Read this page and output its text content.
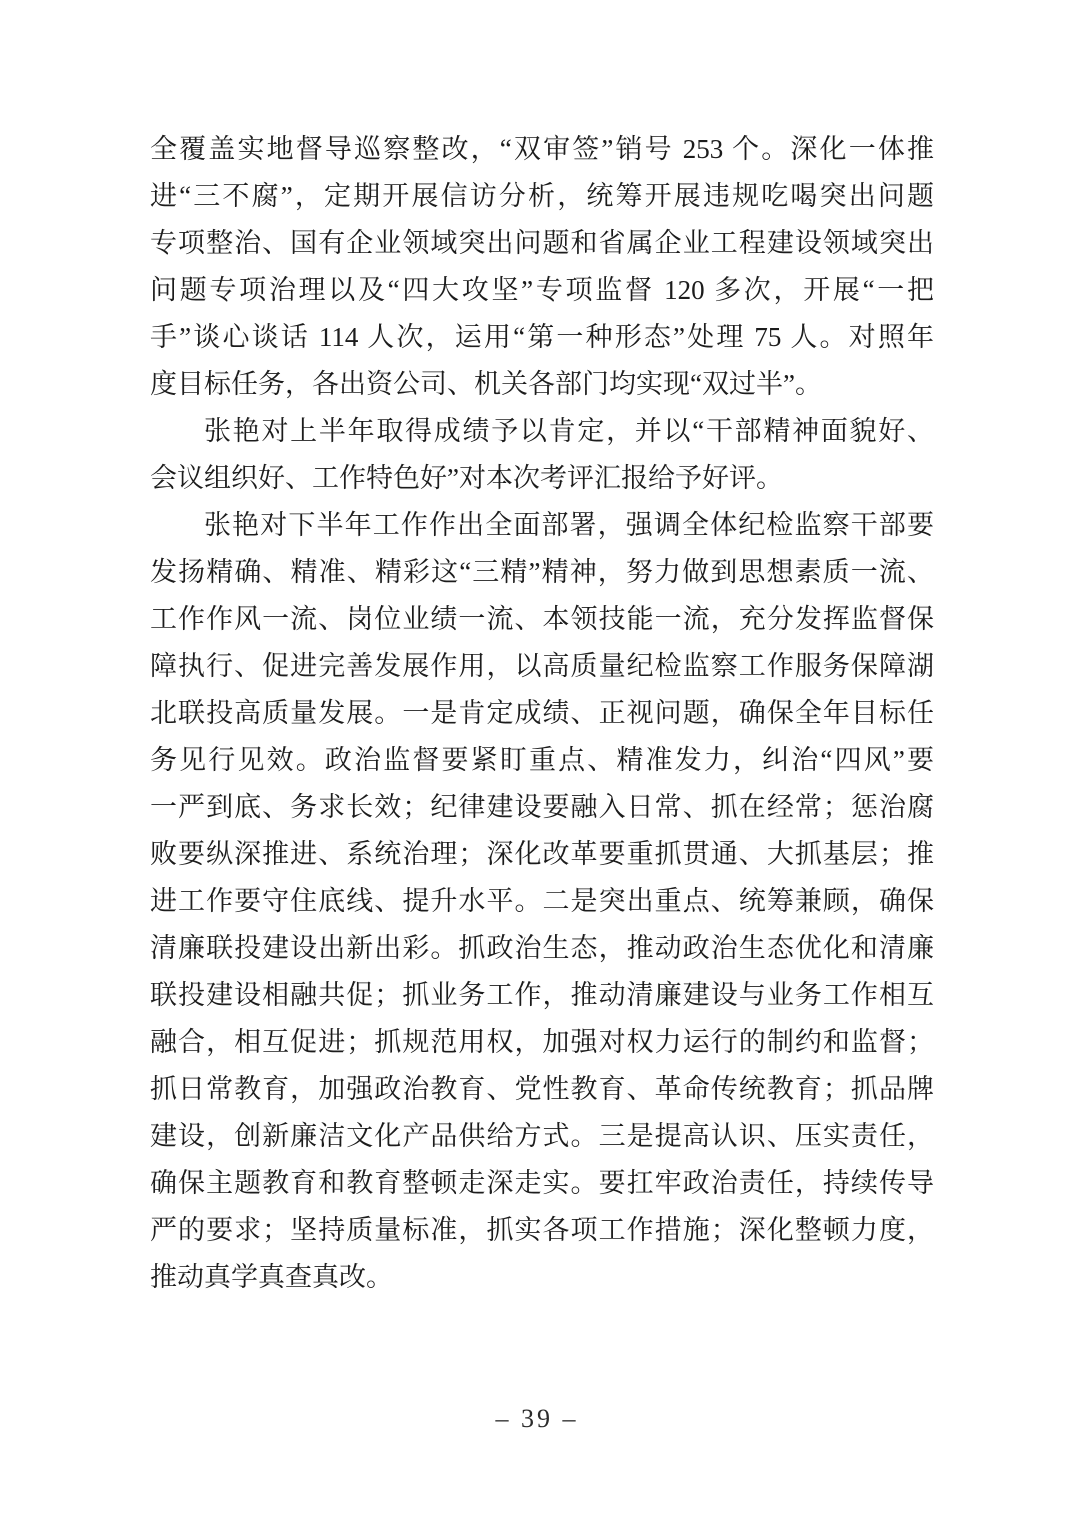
全覆盖实地督导巡察整改，“双审签”销号 253 个。深化一体推
进“三不腐”，定期开展信访分析，统筹开展违规吃喝突出问题
专项整治、国有企业领域突出问题和省属企业工程建设领域突出
问题专项治理以及“四大攻坚”专项监督 120 多次，开展“一把
手”谈心谈话 114 人次，运用“第一种形态”处理 75 人。对照年
度目标任务，各出资公司、机关各部门均实现“双过半”。
张艳对上半年取得成绩予以肯定，并以“干部精神面貌好、
会议组织好、工作特色好”对本次考评汇报给予好评。
张艳对下半年工作作出全面部署，强调全体纪检监察干部要
发扬精确、精准、精彩这“三精”精神，努力做到思想素质一流、
工作作风一流、岗位业绩一流、本领技能一流，充分发挥监督保
障执行、促进完善发展作用，以高质量纪检监察工作服务保障湖
北联投高质量发展。一是肯定成绩、正视问题，确保全年目标任
务见行见效。政治监督要紧盯重点、精准发力，纠治“四风”要
一严到底、务求长效；纪律建设要融入日常、抓在经常；惩治腐
败要纵深推进、系统治理；深化改革要重抓贯通、大抓基层；推
进工作要守住底线、提升水平。二是突出重点、统筹兼顾，确保
清廉联投建设出新出彩。抓政治生态，推动政治生态优化和清廉
联投建设相融共促；抓业务工作，推动清廉建设与业务工作相互
融合，相互促进；抓规范用权，加强对权力运行的制约和监督；
抓日常教育，加强政治教育、党性教育、革命传统教育；抓品牌
建设，创新廉洁文化产品供给方式。三是提高认识、压实责任，
确保主题教育和教育整顿走深走实。要扛牢政治责任，持续传导
严的要求；坚持质量标准，抓实各项工作措施；深化整顿力度，
推动真学真查真改。
– 39 –
